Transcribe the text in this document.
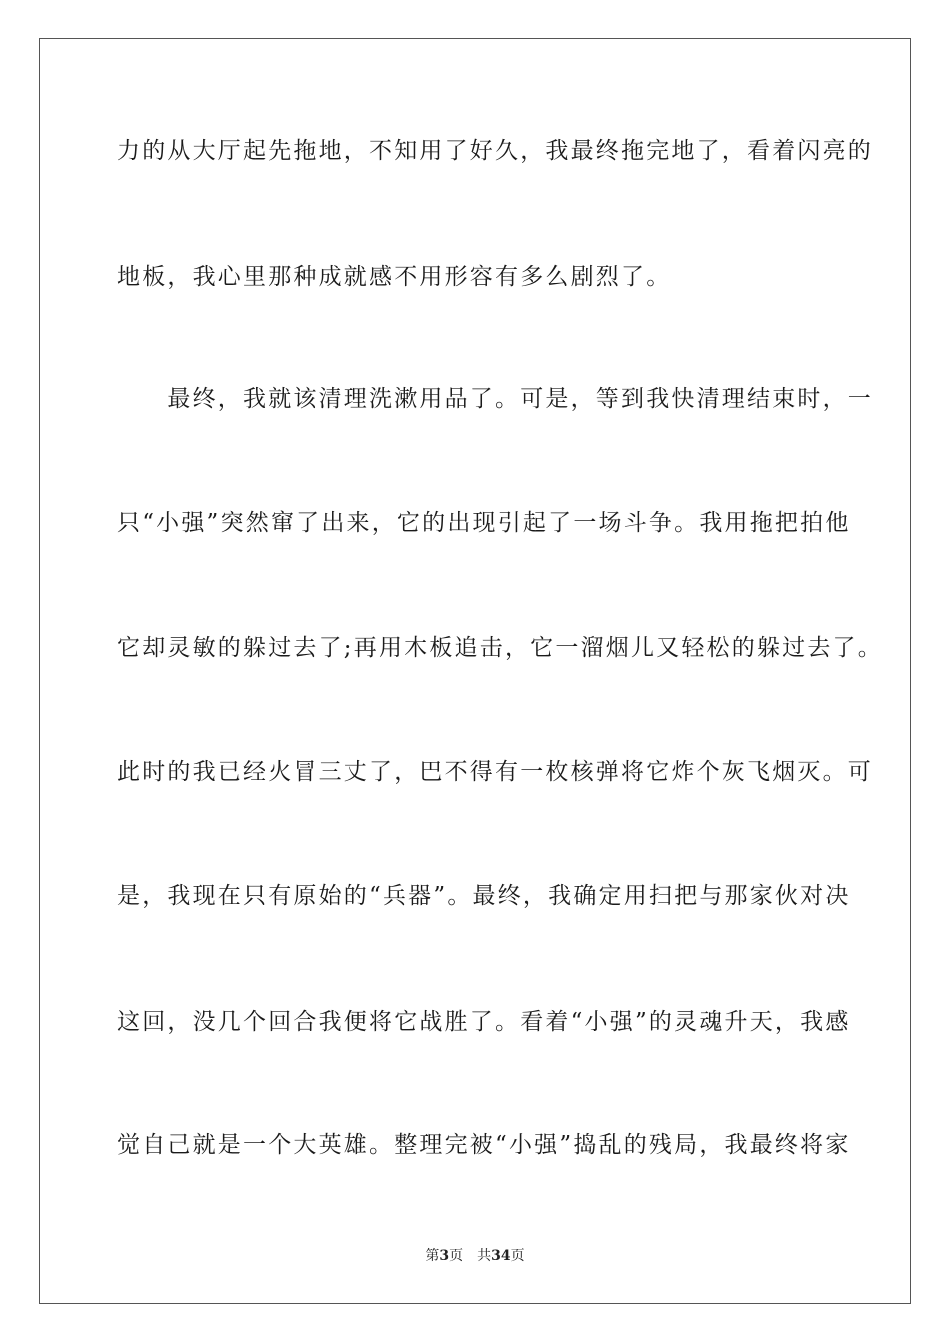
力的从大厅起先拖地，不知用了好久，我最终拖完地了，看着闪亮的
地板，我心里那种成就感不用形容有多么剧烈了。
　　最终，我就该清理洗漱用品了。可是，等到我快清理结束时，一
只“小强”突然窜了出来，它的出现引起了一场斗争。我用拖把拍他
它却灵敏的躲过去了;再用木板追击，它一溜烟儿又轻松的躲过去了。
此时的我已经火冒三丈了，巴不得有一枚核弹将它炸个灰飞烟灭。可
是，我现在只有原始的“兵器”。最终，我确定用扫把与那家伙对决
这回，没几个回合我便将它战胜了。看着“小强”的灵魂升天，我感
觉自己就是一个大英雄。整理完被“小强”捣乱的残局，我最终将家
第3页 共34页
